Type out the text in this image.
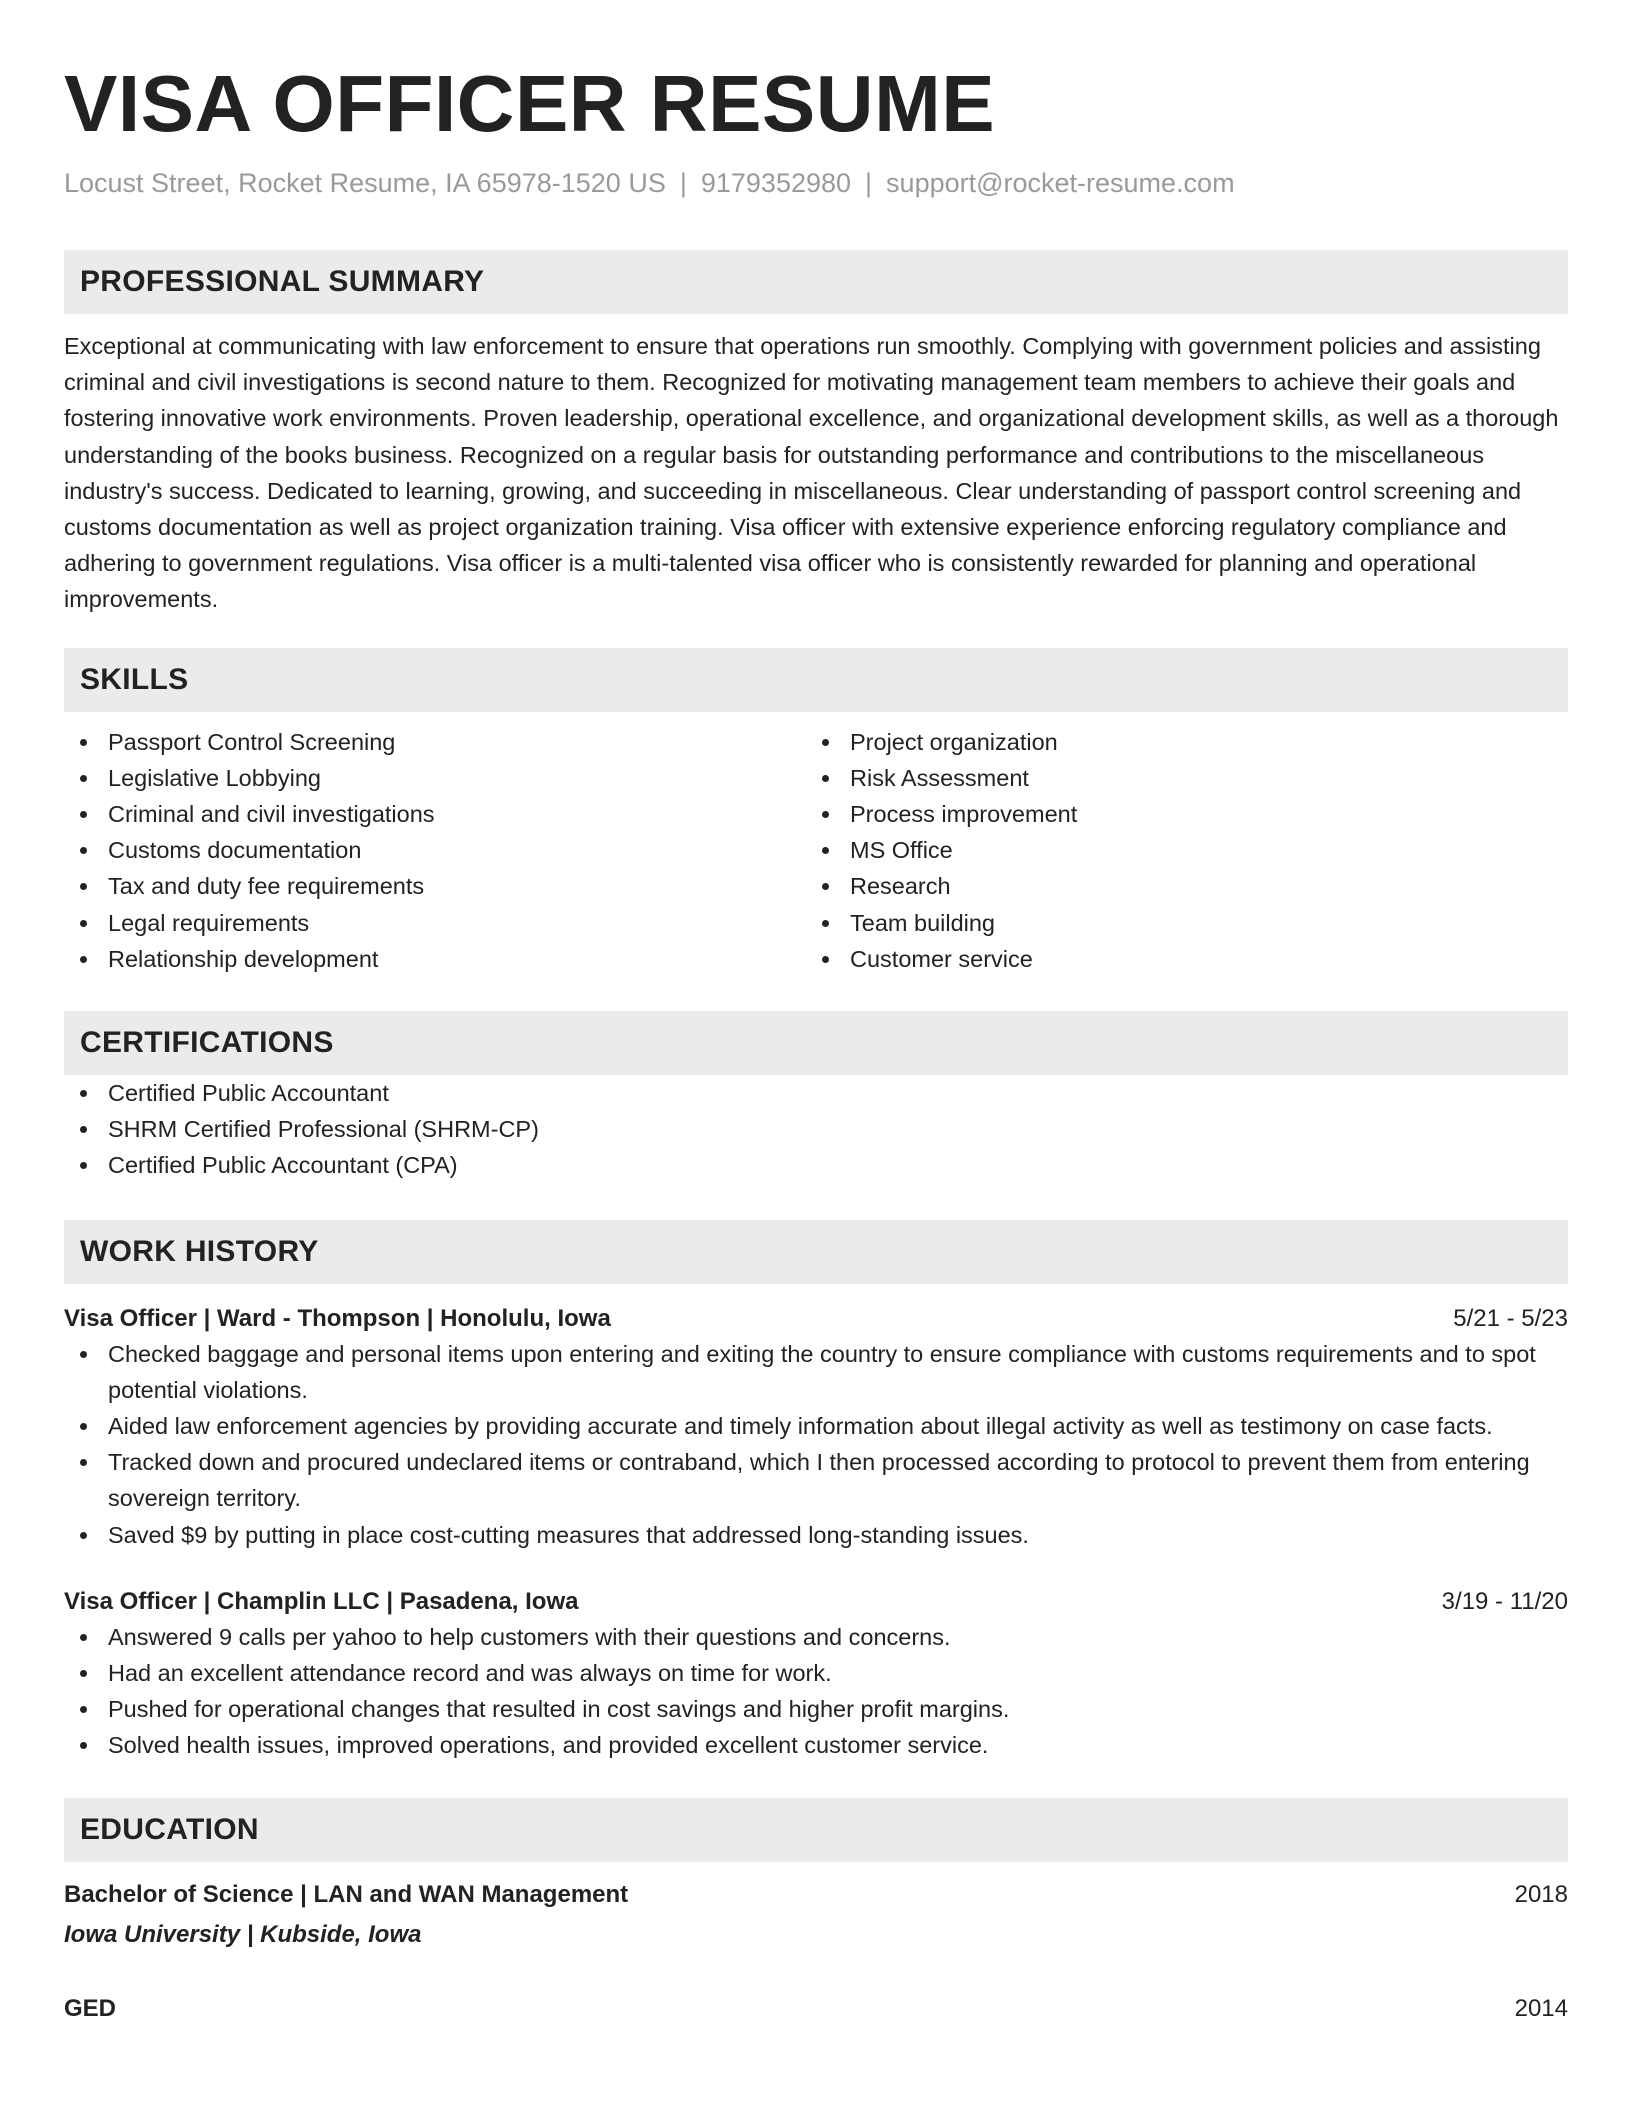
VISA OFFICER RESUME
Locust Street, Rocket Resume, IA 65978-1520 US | 9179352980 | support@rocket-resume.com
PROFESSIONAL SUMMARY
Exceptional at communicating with law enforcement to ensure that operations run smoothly. Complying with government policies and assisting criminal and civil investigations is second nature to them. Recognized for motivating management team members to achieve their goals and fostering innovative work environments. Proven leadership, operational excellence, and organizational development skills, as well as a thorough understanding of the books business. Recognized on a regular basis for outstanding performance and contributions to the miscellaneous industry's success. Dedicated to learning, growing, and succeeding in miscellaneous. Clear understanding of passport control screening and customs documentation as well as project organization training. Visa officer with extensive experience enforcing regulatory compliance and adhering to government regulations. Visa officer is a multi-talented visa officer who is consistently rewarded for planning and operational improvements.
SKILLS
Passport Control Screening
Legislative Lobbying
Criminal and civil investigations
Customs documentation
Tax and duty fee requirements
Legal requirements
Relationship development
Project organization
Risk Assessment
Process improvement
MS Office
Research
Team building
Customer service
CERTIFICATIONS
Certified Public Accountant
SHRM Certified Professional (SHRM-CP)
Certified Public Accountant (CPA)
WORK HISTORY
Visa Officer | Ward - Thompson | Honolulu, Iowa	5/21 - 5/23
Checked baggage and personal items upon entering and exiting the country to ensure compliance with customs requirements and to spot potential violations.
Aided law enforcement agencies by providing accurate and timely information about illegal activity as well as testimony on case facts.
Tracked down and procured undeclared items or contraband, which I then processed according to protocol to prevent them from entering sovereign territory.
Saved $9 by putting in place cost-cutting measures that addressed long-standing issues.
Visa Officer | Champlin LLC | Pasadena, Iowa	3/19 - 11/20
Answered 9 calls per yahoo to help customers with their questions and concerns.
Had an excellent attendance record and was always on time for work.
Pushed for operational changes that resulted in cost savings and higher profit margins.
Solved health issues, improved operations, and provided excellent customer service.
EDUCATION
Bachelor of Science | LAN and WAN Management	2018
Iowa University | Kubside, Iowa
GED	2014
